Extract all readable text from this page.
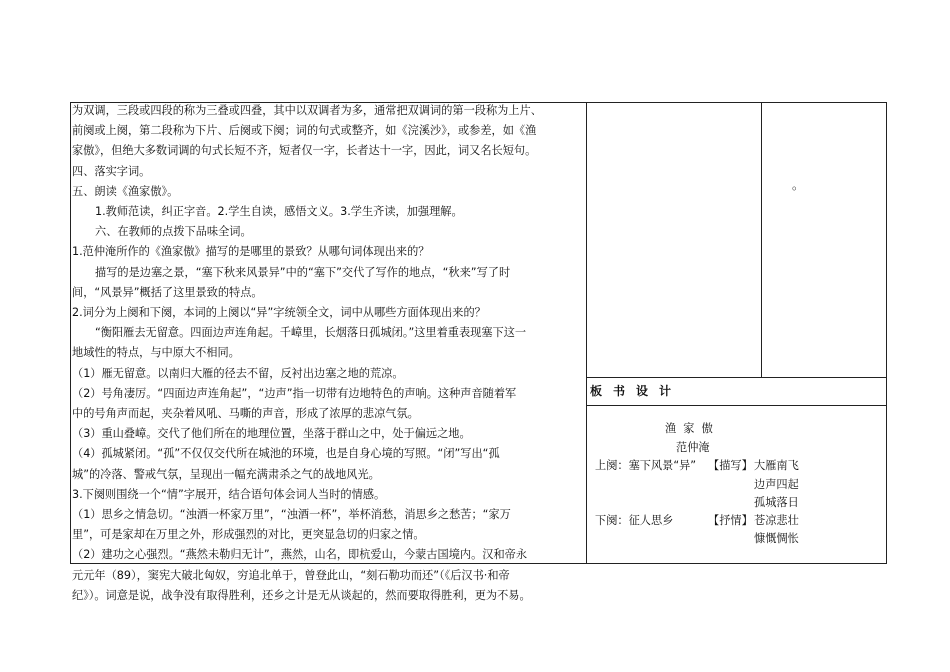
为双调，三段或四段的称为三叠或四叠，其中以双调者为多，通常把双调词的第一段称为上片、

前阕或上阕，第二段称为下片、后阕或下阕；词的句式或整齐，如《浣溪沙》，或参差，如《渔

家傲》，但绝大多数词调的句式长短不齐，短者仅一字，长者达十一字，因此，词又名长短句。

四、落实字词。

五、朗读《渔家傲》。

1.教师范读，纠正字音。2.学生自读，感悟文义。3.学生齐读，加强理解。

六、在教师的点拨下品味全词。

1.范仲淹所作的《渔家傲》描写的是哪里的景致？从哪句词体现出来的？

描写的是边塞之景，“塞下秋来风景异”中的“塞下”交代了写作的地点，“秋来”写了时

间，“风景异”概括了这里景致的特点。

2.词分为上阕和下阕，本词的上阕以“异”字统领全文，词中从哪些方面体现出来的？

“衡阳雁去无留意。四面边声连角起。千嶂里，长烟落日孤城闭。”这里着重表现塞下这一

地域性的特点，与中原大不相同。

（1）雁无留意。以南归大雁的径去不留，反衬出边塞之地的荒凉。

（2）号角凄厉。“四面边声连角起”，“边声”指一切带有边地特色的声响。这种声音随着军

中的号角声而起，夹杂着风吼、马嘶的声音，形成了浓厚的悲凉气氛。

（3）重山叠嶂。交代了他们所在的地理位置，坐落于群山之中，处于偏远之地。

（4）孤城紧闭。“孤”不仅仅交代所在城池的环境，也是自身心境的写照。“闭”写出“孤

城”的冷落、警戒气氛，呈现出一幅充满肃杀之气的战地风光。

3.下阕则围绕一个“情”字展开，结合语句体会词人当时的情感。

（1）思乡之情急切。“浊酒一杯家万里”，“浊酒一杯”，举杯消愁，消思乡之愁苦；“家万

里”，可是家却在万里之外，形成强烈的对比，更突显急切的归家之情。

（2）建功之心强烈。“燕然未勒归无计”，燕然，山名，即杭爱山，今蒙古国境内。汉和帝永

元元年（89），窦宪大破北匈奴，穷追北单于，曾登此山，“刻石勒功而还”（《后汉书·和帝

纪》）。词意是说，战争没有取得胜利，还乡之计是无从谈起的，然而要取得胜利，更为不易。

。
板书设计
渔  家  傲
范仲淹
上阕：塞下风景“异” 【描写】 大雁南飞
边声四起
孤城落日
下阕：征人思乡	【抒情】 苍凉悲壮
慷慨惆怅
